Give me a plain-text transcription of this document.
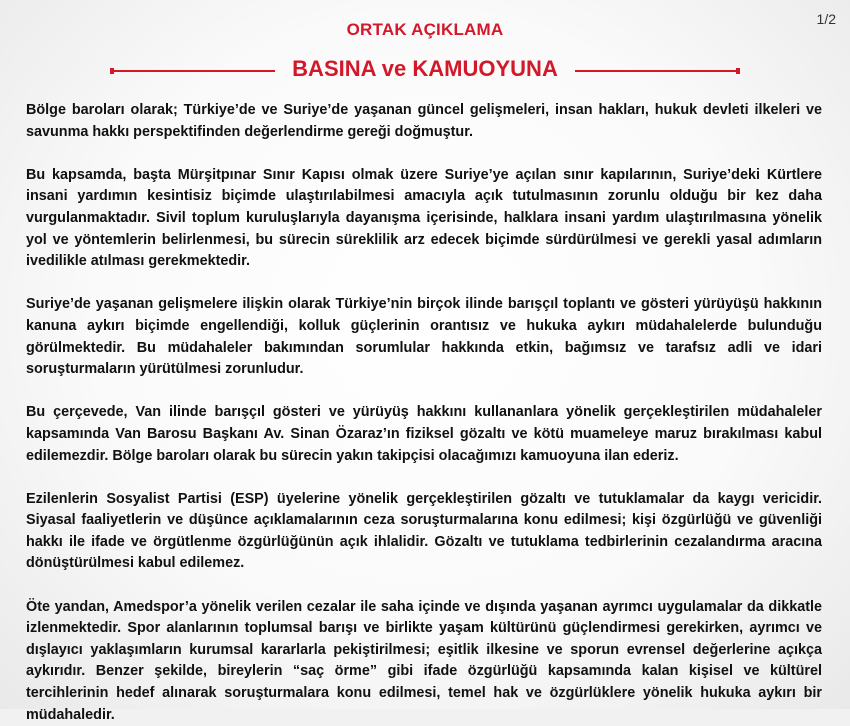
1/2
ORTAK AÇIKLAMA
BASINA ve KAMUOYUNA

Bölge baroları olarak; Türkiye’de ve Suriye’de yaşanan güncel gelişmeleri, insan hakları, hukuk devleti ilkeleri ve savunma hakkı perspektifinden değerlendirme gereği doğmuştur.

Bu kapsamda, başta Mürşitpınar Sınır Kapısı olmak üzere Suriye’ye açılan sınır kapılarının, Suriye’deki Kürtlere insani yardımın kesintisiz biçimde ulaştırılabilmesi amacıyla açık tutulmasının zorunlu olduğu bir kez daha vurgulanmaktadır. Sivil toplum kuruluşlarıyla dayanışma içerisinde, halklara insani yardım ulaştırılmasına yönelik yol ve yöntemlerin belirlenmesi, bu sürecin süreklilik arz edecek biçimde sürdürülmesi ve gerekli yasal adımların ivedilikle atılması gerekmektedir.

Suriye’de yaşanan gelişmelere ilişkin olarak Türkiye’nin birçok ilinde barışçıl toplantı ve gösteri yürüyüşü hakkının kanuna aykırı biçimde engellendiği, kolluk güçlerinin orantısız ve hukuka aykırı müdahalelerde bulunduğu görülmektedir. Bu müdahaleler bakımından sorumlular hakkında etkin, bağımsız ve tarafsız adli ve idari soruşturmaların yürütülmesi zorunludur.

Bu çerçevede, Van ilinde barışçıl gösteri ve yürüyüş hakkını kullananlara yönelik gerçekleştirilen müdahaleler kapsamında Van Barosu Başkanı Av. Sinan Özaraz’ın fiziksel gözaltı ve kötü muameleye maruz bırakılması kabul edilemezdir. Bölge baroları olarak bu sürecin yakın takipçisi olacağımızı kamuoyuna ilan ederiz.

Ezilenlerin Sosyalist Partisi (ESP) üyelerine yönelik gerçekleştirilen gözaltı ve tutuklamalar da kaygı vericidir. Siyasal faaliyetlerin ve düşünce açıklamalarının ceza soruşturmalarına konu edilmesi; kişi özgürlüğü ve güvenliği hakkı ile ifade ve örgütlenme özgürlüğünün açık ihlalidir. Gözaltı ve tutuklama tedbirlerinin cezalandırma aracına dönüştürülmesi kabul edilemez.

Öte yandan, Amedspor’a yönelik verilen cezalar ile saha içinde ve dışında yaşanan ayrımcı uygulamalar da dikkatle izlenmektedir. Spor alanlarının toplumsal barışı ve birlikte yaşam kültürünü güçlendirmesi gerekirken, ayrımcı ve dışlayıcı yaklaşımların kurumsal kararlarla pekiştirilmesi; eşitlik ilkesine ve sporun evrensel değerlerine açıkça aykırıdır. Benzer şekilde, bireylerin “saç örme” gibi ifade özgürlüğü kapsamında kalan kişisel ve kültürel tercihlerinin hedef alınarak soruşturmalara konu edilmesi, temel hak ve özgürlüklere yönelik hukuka aykırı bir müdahaledir.
